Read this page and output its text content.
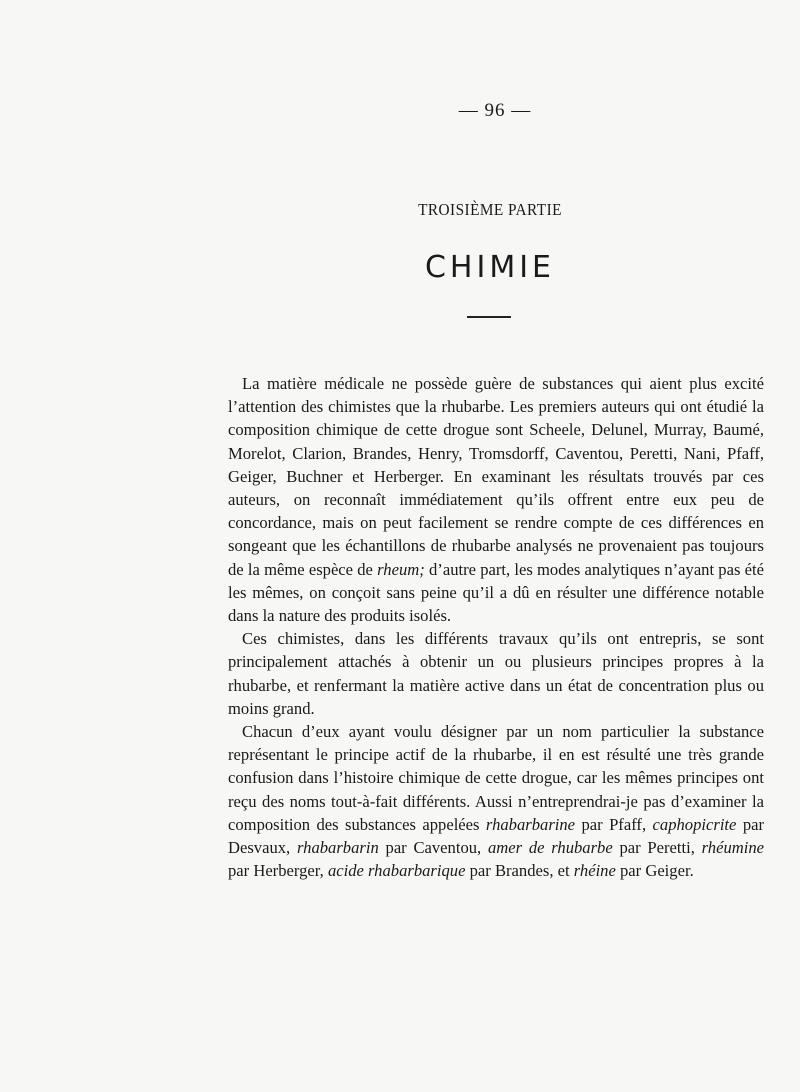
— 96 —
TROISIÈME PARTIE
CHIMIE

La matière médicale ne possède guère de substances qui aient plus excité l’attention des chimistes que la rhubarbe. Les premiers auteurs qui ont étudié la composition chimique de cette drogue sont Scheele, Delunel, Murray, Baumé, Morelot, Clarion, Brandes, Henry, Tromsdorff, Caventou, Peretti, Nani, Pfaff, Geiger, Buchner et Herberger. En examinant les résultats trouvés par ces auteurs, on reconnaît immédiatement qu’ils offrent entre eux peu de concordance, mais on peut facilement se rendre compte de ces différences en songeant que les échantillons de rhubarbe analysés ne provenaient pas toujours de la même espèce de rheum; d’autre part, les modes analytiques n’ayant pas été les mêmes, on conçoit sans peine qu’il a dû en résulter une différence notable dans la nature des produits isolés.

Ces chimistes, dans les différents travaux qu’ils ont entrepris, se sont principalement attachés à obtenir un ou plusieurs principes propres à la rhubarbe, et renfermant la matière active dans un état de concentration plus ou moins grand.

Chacun d’eux ayant voulu désigner par un nom particulier la substance représentant le principe actif de la rhubarbe, il en est résulté une très grande confusion dans l’histoire chimique de cette drogue, car les mêmes principes ont reçu des noms tout-à-fait différents. Aussi n’entreprendrai-je pas d’examiner la composition des substances appelées rhabarbarine par Pfaff, caphopicrite par Desvaux, rhabarbarin par Caventou, amer de rhubarbe par Peretti, rhéumine par Herberger, acide rhabarbarique par Brandes, et rhéine par Geiger.
